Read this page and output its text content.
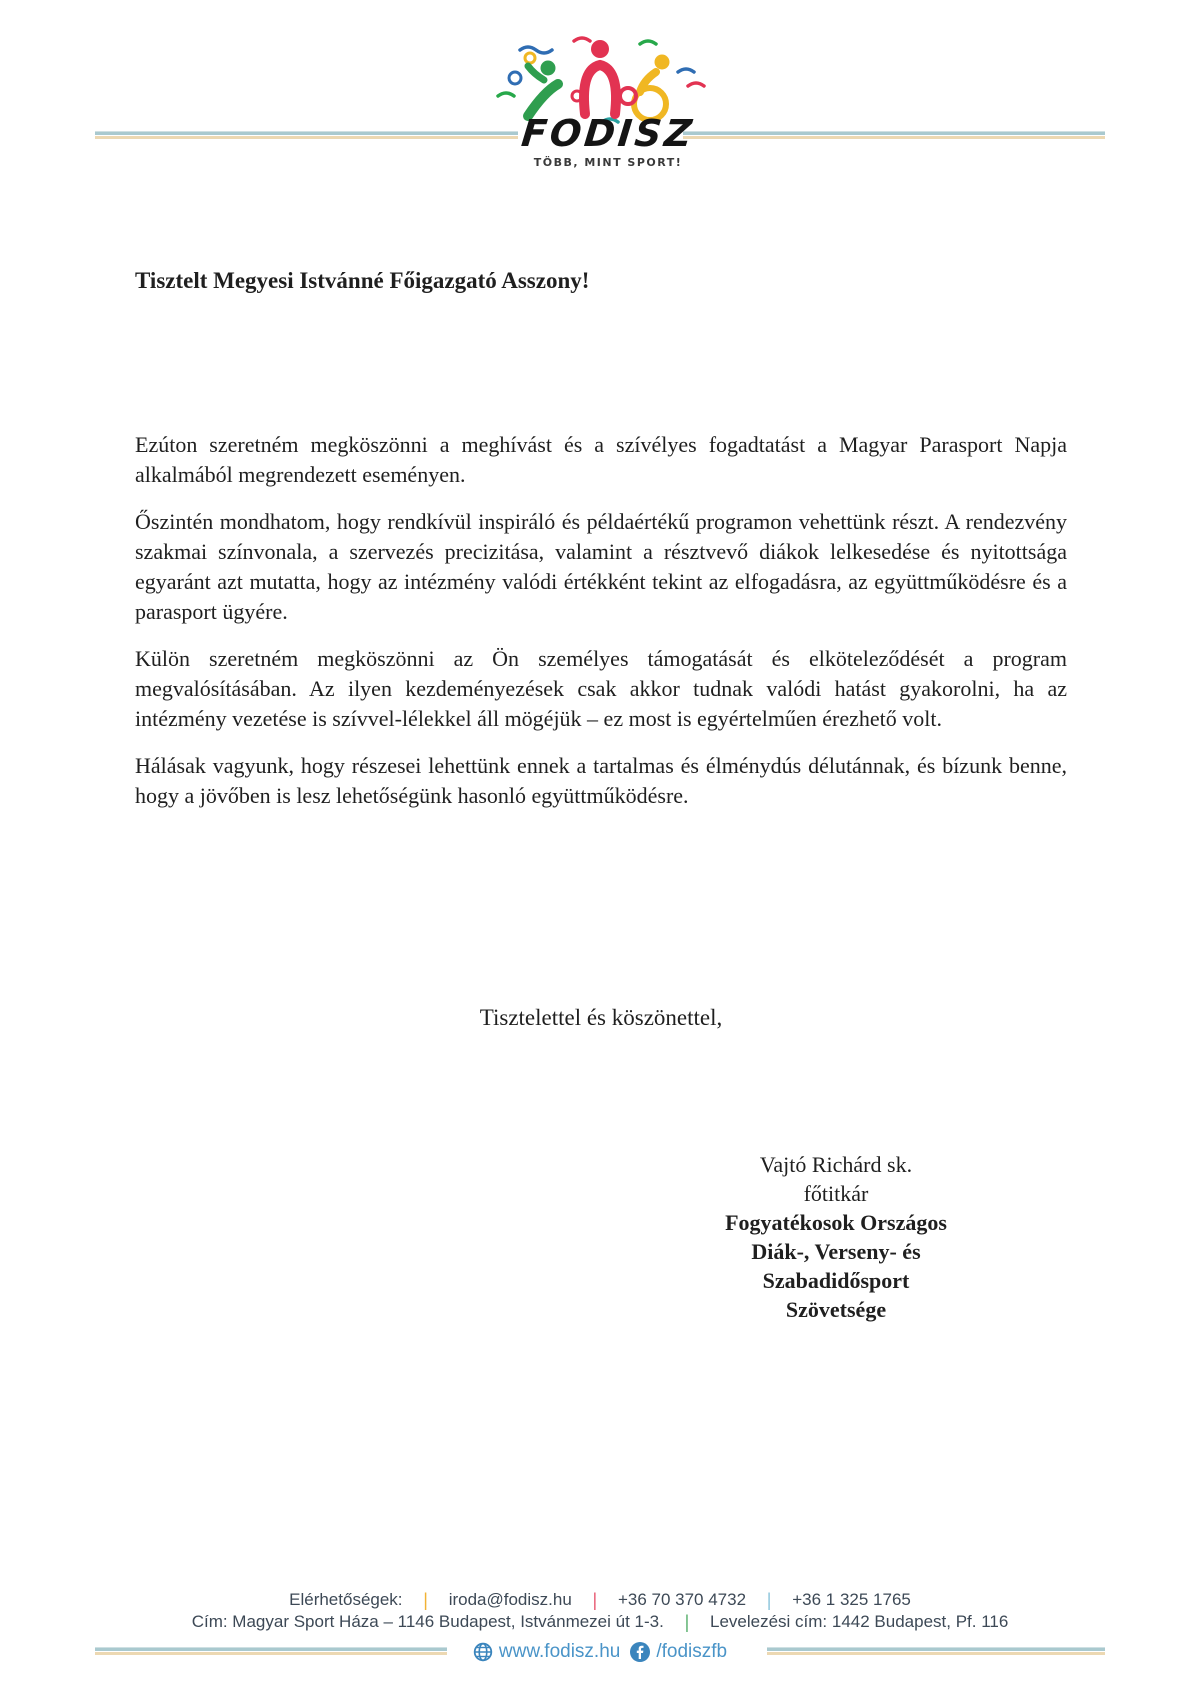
FODISZ
TÖBB, MINT SPORT!

Tisztelt Megyesi Istvánné Főigazgató Asszony!

Ezúton szeretném megköszönni a meghívást és a szívélyes fogadtatást a Magyar Parasport Napja alkalmából megrendezett eseményen.

Őszintén mondhatom, hogy rendkívül inspiráló és példaértékű programon vehettünk részt. A rendezvény szakmai színvonala, a szervezés precizitása, valamint a résztvevő diákok lelkesedése és nyitottsága egyaránt azt mutatta, hogy az intézmény valódi értékként tekint az elfogadásra, az együttműködésre és a parasport ügyére.

Külön szeretném megköszönni az Ön személyes támogatását és elköteleződését a program megvalósításában. Az ilyen kezdeményezések csak akkor tudnak valódi hatást gyakorolni, ha az intézmény vezetése is szívvel-lélekkel áll mögéjük – ez most is egyértelműen érezhető volt.

Hálásak vagyunk, hogy részesei lehettünk ennek a tartalmas és élménydús délutánnak, és bízunk benne, hogy a jövőben is lesz lehetőségünk hasonló együttműködésre.

Tisztelettel és köszönettel,

Vajtó Richárd sk.
főtitkár
Fogyatékosok Országos
Diák-, Verseny- és
Szabadidősport
Szövetsége
Elérhetőségek: | iroda@fodisz.hu | +36 70 370 4732 | +36 1 325 1765
Cím: Magyar Sport Háza – 1146 Budapest, Istvánmezei út 1-3. | Levelezési cím: 1442 Budapest, Pf. 116
www.fodisz.hu /fodiszfb
